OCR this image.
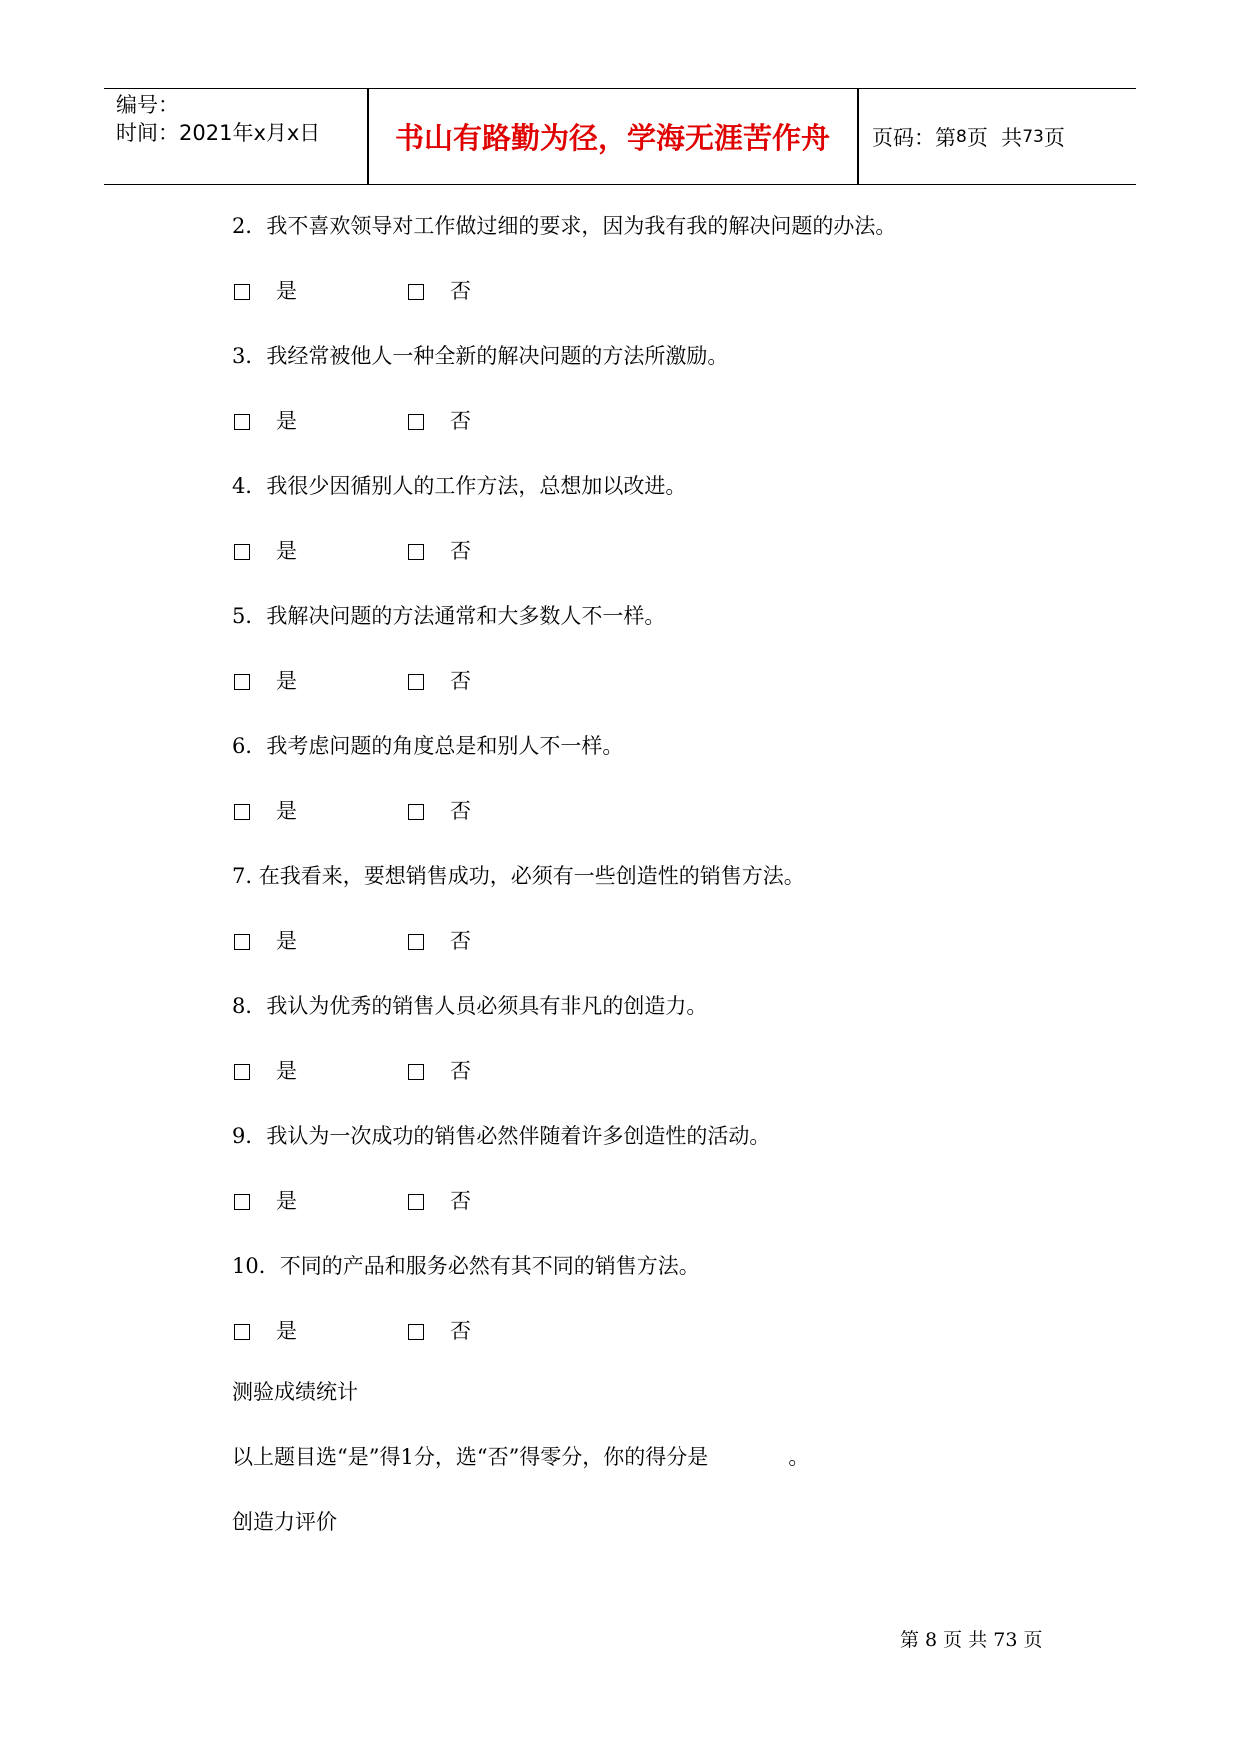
编号：
时间：2021年x月x日	书山有路勤为径，学海无涯苦作舟	页码：第 8 页  共 73 页
2．我不喜欢领导对工作做过细的要求，因为我有我的解决问题的办法。
是	否
3．我经常被他人一种全新的解决问题的方法所激励。
是	否
4．我很少因循别人的工作方法，总想加以改进。
是	否
5．我解决问题的方法通常和大多数人不一样。
是	否
6．我考虑问题的角度总是和别人不一样。
是	否
7. 在我看来，要想销售成功，必须有一些创造性的销售方法。
是	否
8．我认为优秀的销售人员必须具有非凡的创造力。
是	否
9．我认为一次成功的销售必然伴随着许多创造性的活动。
是	否
10．不同的产品和服务必然有其不同的销售方法。
是	否
测验成绩统计
以上题目选“是”得1分，选“否”得零分，你的得分是            。
创造力评价
第 8 页 共 73 页
